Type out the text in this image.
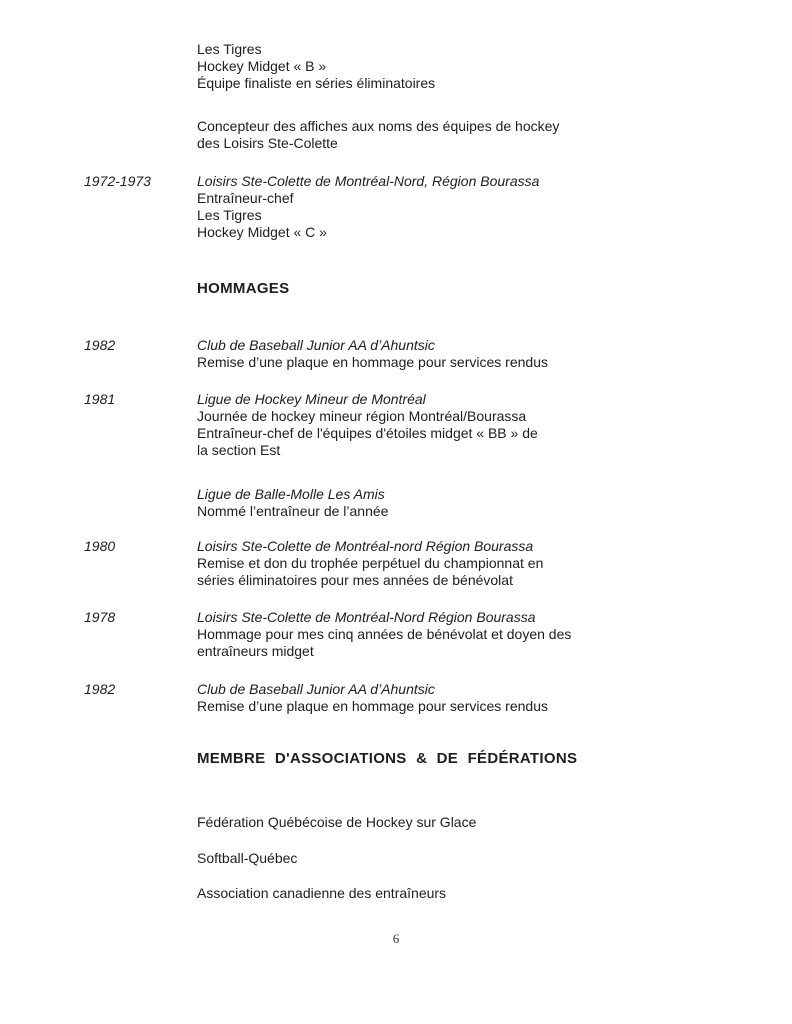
Les Tigres
Hockey Midget « B »
Équipe finaliste en séries éliminatoires
Concepteur des affiches aux noms des équipes de hockey
des Loisirs Ste-Colette
1972-1973	Loisirs Ste-Colette de Montréal-Nord, Région Bourassa
Entraîneur-chef
Les Tigres
Hockey Midget « C »
HOMMAGES
1982	Club de Baseball Junior AA d’Ahuntsic
Remise d’une plaque en hommage pour services rendus
1981	Ligue de Hockey Mineur de Montréal
Journée de hockey mineur région Montréal/Bourassa
Entraîneur-chef de l'équipes d'étoiles midget « BB » de
la section Est
Ligue de Balle-Molle Les Amis
Nommé l’entraîneur de l’année
1980	Loisirs Ste-Colette de Montréal-nord Région Bourassa
Remise et don du trophée perpétuel du championnat en
séries éliminatoires pour mes années de bénévolat
1978	Loisirs Ste-Colette de Montréal-Nord Région Bourassa
Hommage pour mes cinq années de bénévolat et doyen des
entraîneurs midget
1982	Club de Baseball Junior AA d’Ahuntsic
Remise d’une plaque en hommage pour services rendus
MEMBRE D'ASSOCIATIONS & DE FÉDÉRATIONS
Fédération Québécoise de Hockey sur Glace
Softball-Québec
Association canadienne des entraîneurs
6
